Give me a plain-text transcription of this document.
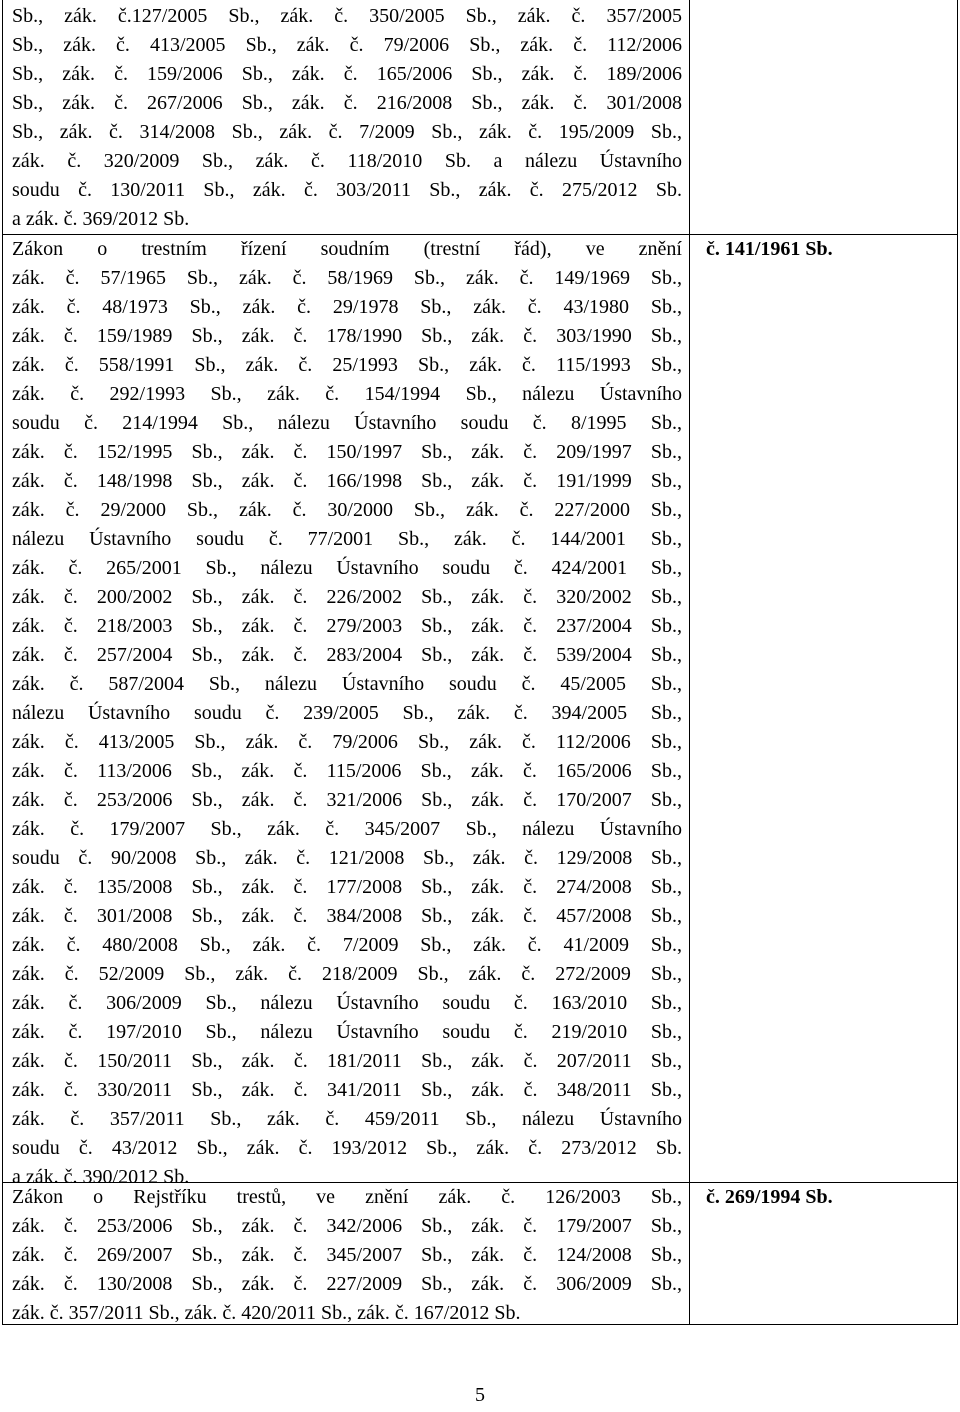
Sb., zák. č.127/2005 Sb., zák. č. 350/2005 Sb., zák. č. 357/2005
Sb., zák. č. 413/2005 Sb., zák. č. 79/2006 Sb., zák. č. 112/2006
Sb., zák. č. 159/2006 Sb., zák. č. 165/2006 Sb., zák. č. 189/2006
Sb., zák. č. 267/2006 Sb., zák. č. 216/2008 Sb., zák. č. 301/2008
Sb., zák. č. 314/2008 Sb., zák. č. 7/2009 Sb., zák. č. 195/2009 Sb.,
zák. č. 320/2009 Sb., zák. č. 118/2010 Sb. a nálezu Ústavního
soudu č. 130/2011 Sb., zák. č. 303/2011 Sb., zák. č. 275/2012 Sb.
a zák. č. 369/2012 Sb.
č. 141/1961 Sb.
Zákon o trestním řízení soudním (trestní řád), ve znění
zák. č. 57/1965 Sb., zák. č. 58/1969 Sb., zák. č. 149/1969 Sb.,
zák. č. 48/1973 Sb., zák. č. 29/1978 Sb., zák. č. 43/1980 Sb.,
zák. č. 159/1989 Sb., zák. č. 178/1990 Sb., zák. č. 303/1990 Sb.,
zák. č. 558/1991 Sb., zák. č. 25/1993 Sb., zák. č. 115/1993 Sb.,
zák. č. 292/1993 Sb., zák. č. 154/1994 Sb., nálezu Ústavního
soudu č. 214/1994 Sb., nálezu Ústavního soudu č. 8/1995 Sb.,
zák. č. 152/1995 Sb., zák. č. 150/1997 Sb., zák. č. 209/1997 Sb.,
zák. č. 148/1998 Sb., zák. č. 166/1998 Sb., zák. č. 191/1999 Sb.,
zák. č. 29/2000 Sb., zák. č. 30/2000 Sb., zák. č. 227/2000 Sb.,
nálezu Ústavního soudu č. 77/2001 Sb., zák. č. 144/2001 Sb.,
zák. č. 265/2001 Sb., nálezu Ústavního soudu č. 424/2001 Sb.,
zák. č. 200/2002 Sb., zák. č. 226/2002 Sb., zák. č. 320/2002 Sb.,
zák. č. 218/2003 Sb., zák. č. 279/2003 Sb., zák. č. 237/2004 Sb.,
zák. č. 257/2004 Sb., zák. č. 283/2004 Sb., zák. č. 539/2004 Sb.,
zák. č. 587/2004 Sb., nálezu Ústavního soudu č. 45/2005 Sb.,
nálezu Ústavního soudu č. 239/2005 Sb., zák. č. 394/2005 Sb.,
zák. č. 413/2005 Sb., zák. č. 79/2006 Sb., zák. č. 112/2006 Sb.,
zák. č. 113/2006 Sb., zák. č. 115/2006 Sb., zák. č. 165/2006 Sb.,
zák. č. 253/2006 Sb., zák. č. 321/2006 Sb., zák. č. 170/2007 Sb.,
zák. č. 179/2007 Sb., zák. č. 345/2007 Sb., nálezu Ústavního
soudu č. 90/2008 Sb., zák. č. 121/2008 Sb., zák. č. 129/2008 Sb.,
zák. č. 135/2008 Sb., zák. č. 177/2008 Sb., zák. č. 274/2008 Sb.,
zák. č. 301/2008 Sb., zák. č. 384/2008 Sb., zák. č. 457/2008 Sb.,
zák. č. 480/2008 Sb., zák. č. 7/2009 Sb., zák. č. 41/2009 Sb.,
zák. č. 52/2009 Sb., zák. č. 218/2009 Sb., zák. č. 272/2009 Sb.,
zák. č. 306/2009 Sb., nálezu Ústavního soudu č. 163/2010 Sb.,
zák. č. 197/2010 Sb., nálezu Ústavního soudu č. 219/2010 Sb.,
zák. č. 150/2011 Sb., zák. č. 181/2011 Sb., zák. č. 207/2011 Sb.,
zák. č. 330/2011 Sb., zák. č. 341/2011 Sb., zák. č. 348/2011 Sb.,
zák. č. 357/2011 Sb., zák. č. 459/2011 Sb., nálezu Ústavního
soudu č. 43/2012 Sb., zák. č. 193/2012 Sb., zák. č. 273/2012 Sb.
a zák. č. 390/2012 Sb.
č. 269/1994 Sb.
Zákon o Rejstříku trestů, ve znění zák. č. 126/2003 Sb.,
zák. č. 253/2006 Sb., zák. č. 342/2006 Sb., zák. č. 179/2007 Sb.,
zák. č. 269/2007 Sb., zák. č. 345/2007 Sb., zák. č. 124/2008 Sb.,
zák. č. 130/2008 Sb., zák. č. 227/2009 Sb., zák. č. 306/2009 Sb.,
zák. č. 357/2011 Sb., zák. č. 420/2011 Sb., zák. č. 167/2012 Sb.
5
